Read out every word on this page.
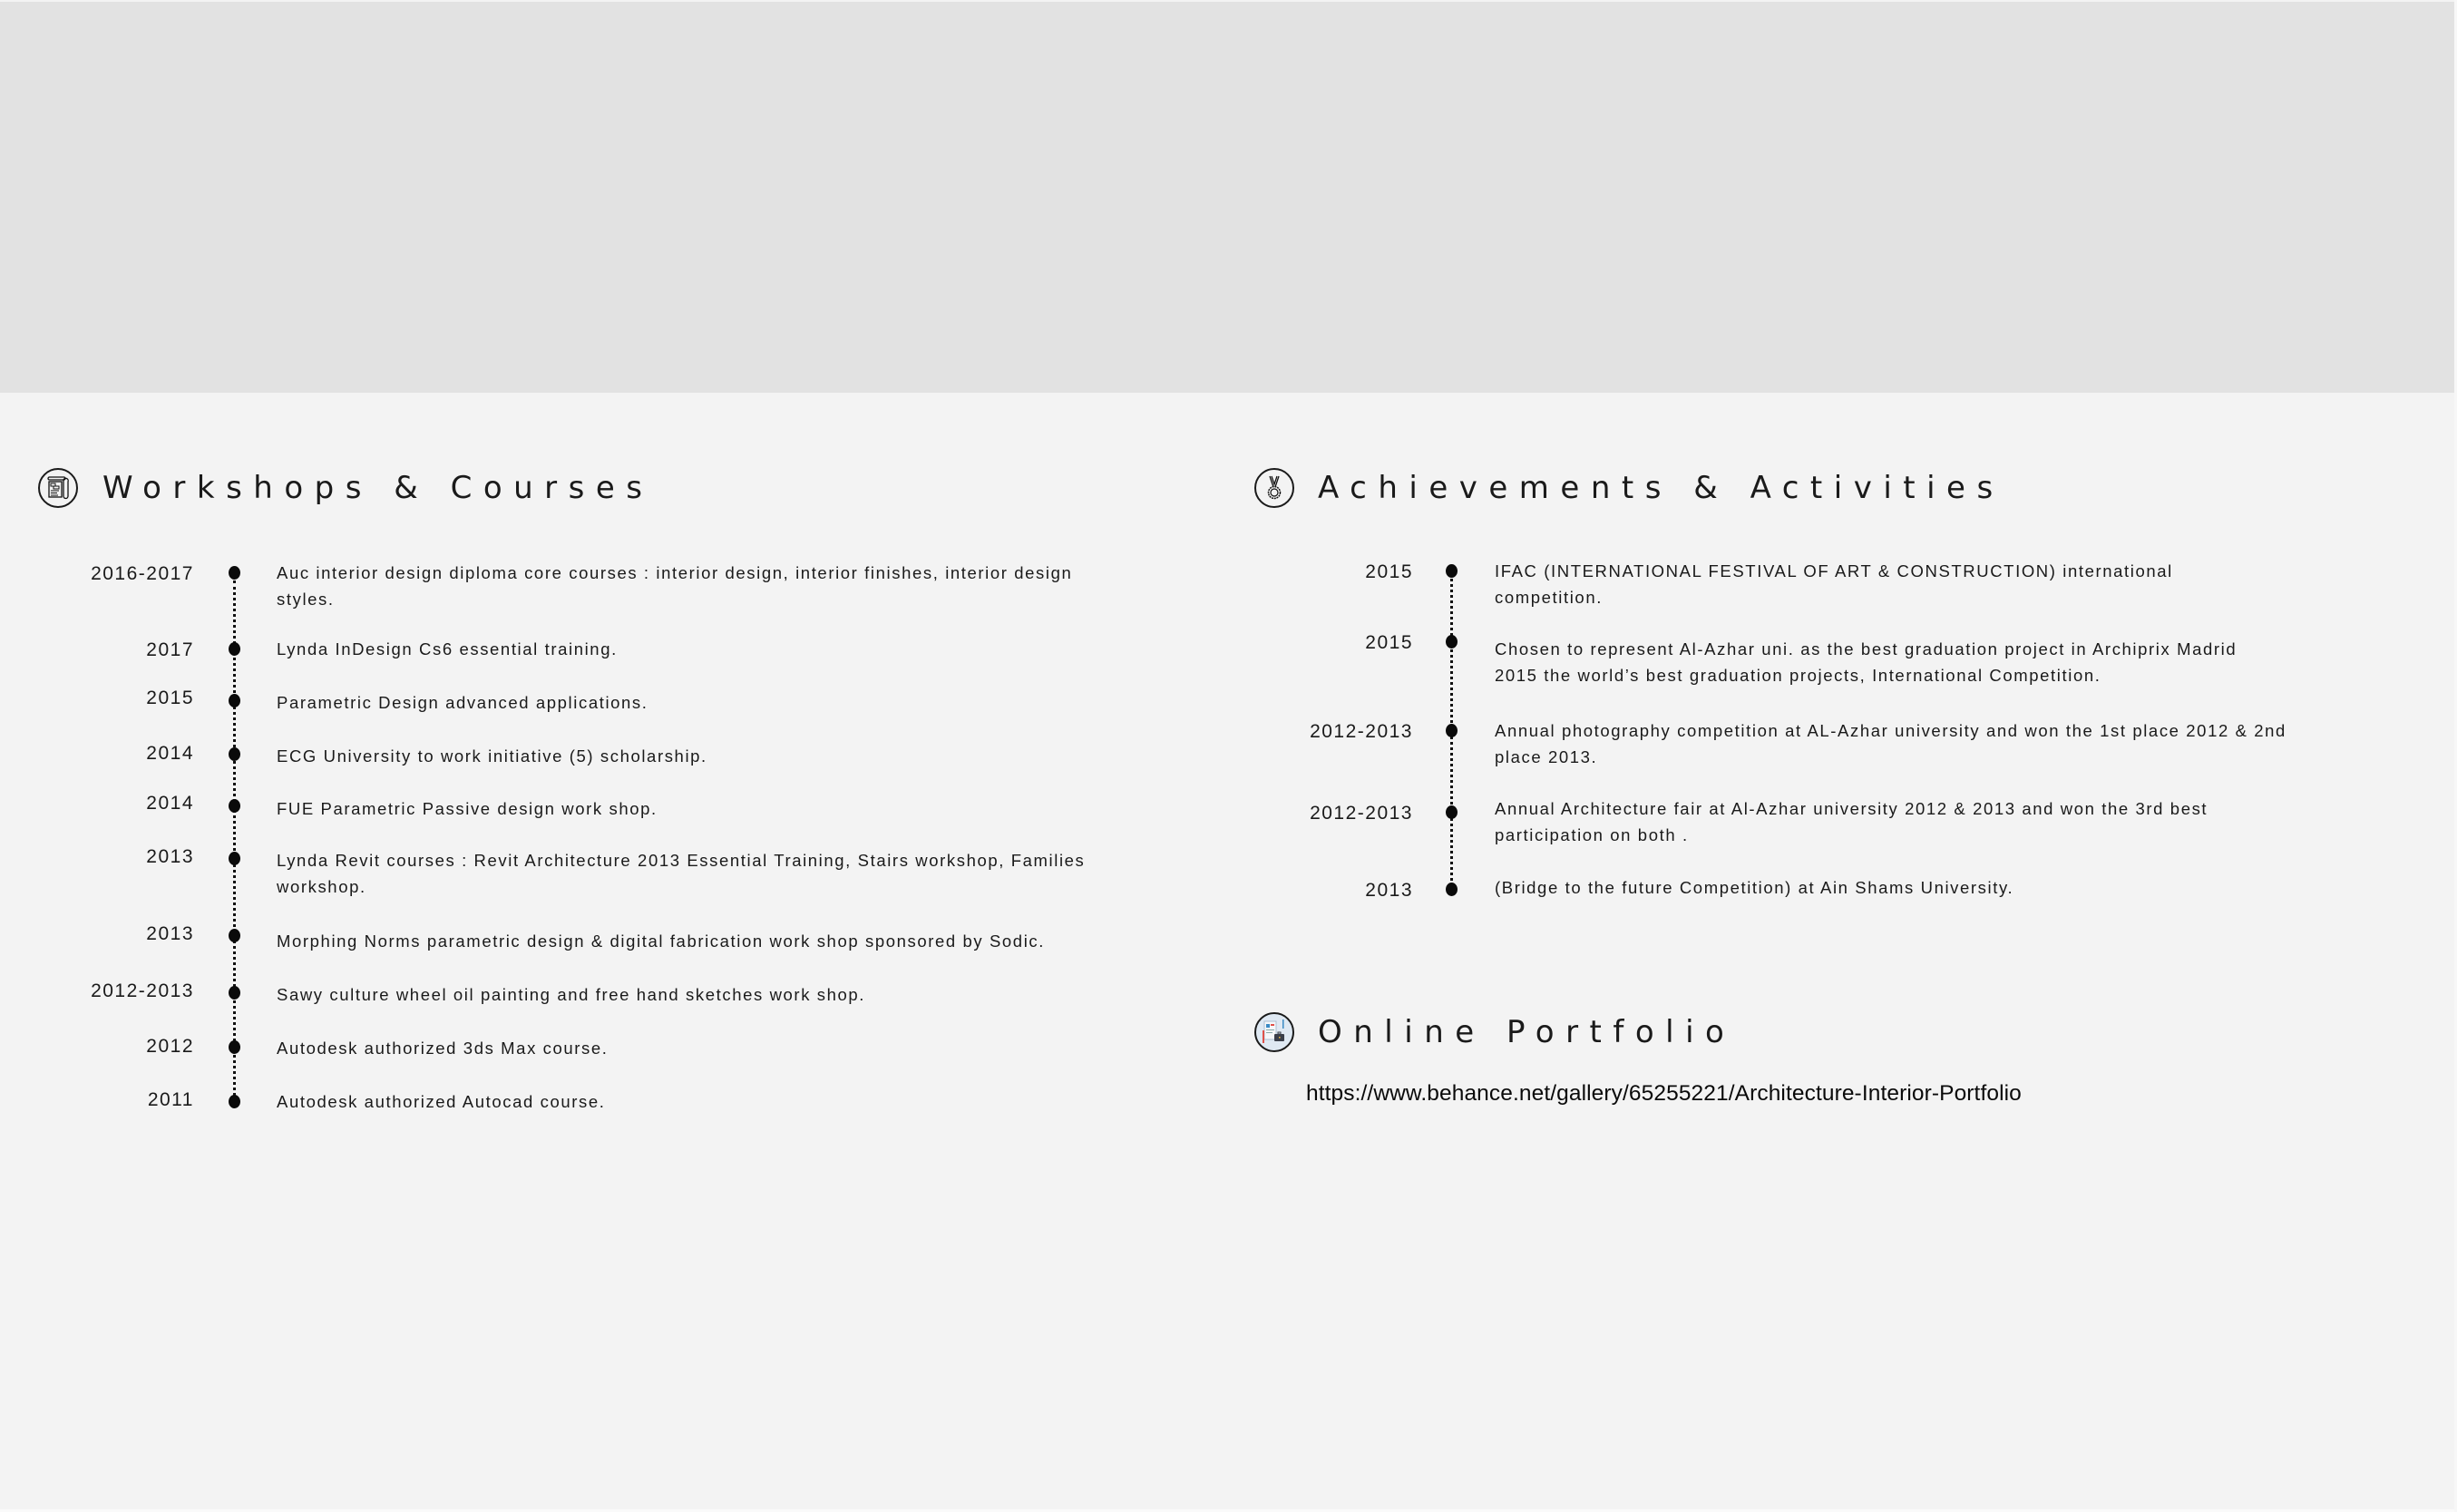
Workshops & Courses
2016-2017	Auc interior design diploma core courses : interior design, interior finishes, interior design styles.
2017	Lynda InDesign Cs6 essential training.
2015	Parametric Design advanced applications.
2014	ECG University to work initiative (5) scholarship.
2014	FUE Parametric Passive design work shop.
2013	Lynda Revit courses : Revit Architecture 2013 Essential Training, Stairs workshop, Families workshop.
2013	Morphing Norms parametric design & digital fabrication work shop sponsored by Sodic.
2012-2013	Sawy culture wheel oil painting and free hand sketches work shop.
2012	Autodesk authorized 3ds Max course.
2011	Autodesk authorized Autocad course.
Achievements & Activities
2015	IFAC (INTERNATIONAL FESTIVAL OF ART & CONSTRUCTION) international competition.
2015	Chosen to represent Al-Azhar uni. as the best graduation project in Archiprix Madrid 2015 the world’s best graduation projects, International Competition.
2012-2013	Annual photography competition at AL-Azhar university and won the 1st place 2012 & 2nd place 2013.
2012-2013	Annual Architecture fair at Al-Azhar university 2012 & 2013 and won the 3rd best participation on both .
2013	(Bridge to the future Competition) at Ain Shams University.
Online Portfolio
https://www.behance.net/gallery/65255221/Architecture-Interior-Portfolio
